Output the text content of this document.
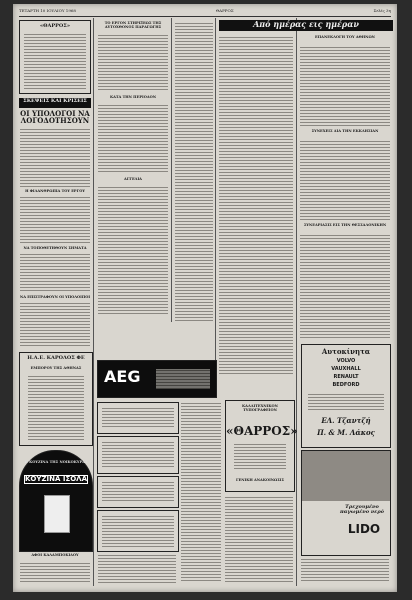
ΤΕΤΑΡΤΗ 10 ΙΟΥΛΙΟΥ 1968	ΘΑΡΡΟΣ	Σελίς 3η
«ΘΑΡΡΟΣ»
ΣΚΕΨΕΙΣ ΚΑΙ ΚΡΙΣΕΙΣ
ΟΙ ΥΠΟΛΟΓΟΙ ΝΑ ΛΟΓΟΔΟΤΗΣΟΥΝ
Η ΦΙΛΑΝΘΡΩΠΙΑ ΤΟΥ ΕΡΓΟΥ
ΝΑ ΤΟΠΟΘΕΤΗΘΟΥΝ ΣΗΜΑΤΑ
ΝΑ ΕΠΙΣΤΡΑΦΟΥΝ ΟΙ ΥΠΟΛΟΙΠΟΙ
Η.Α.Ε. ΚΑΡΟΛΟΣ ΦΕ
ΕΜΠΟΡΟΥ ΤΗΣ ΑΘΗΝΑΣ
Η ΚΟΥΖΙΝΑ ΤΗΣ ΝΟΙΚΟΚΥΡΑΣ
ΚΟΥΖΙΝΑ ΙΣΟΛΑ
ΑΦΟΙ ΚΑΛΑΜΠΟΚΙΔΟΥ
ΤΟ ΕΡΓΟΝ ΣΤΗΡΙΞΕΩΣ ΤΗΣ ΑΥΤΟΧΘΟΝΟΣ ΠΑΡΑΓΩΓΗΣ
ΚΑΤΑ ΤΗΝ ΠΕΡΙΟΔΟΝ
ΑΓΓΕΛΙΑ
AEG
ΚΑΛΛΙΤΕΧΝΙΚΟΝ ΤΥΠΟΓΡΑΦΕΙΟΝ
«ΘΑΡΡΟΣ»
ΓΕΝΙΚΗ ΑΝΑΚΟΙΝΩΣΙΣ
Από ημέρας εις ημέραν
ΕΠΑΝΕΚΛΟΓΗ ΤΟΥ ΑΘΗΝΩΝ
ΣΥΝΕΧΕΙΣ ΔΙΑ ΤΗΝ ΕΚΚΛΗΣΙΑΝ
ΣΥΝΕΔΡΙΑΣΙΣ ΕΙΣ ΤΗΝ ΘΕΣΣΑΛΟΝΙΚΗΝ
Αυτοκίνητα
VOLVO
VAUXHALL
RENAULT
BEDFORD
ΕΛ. Τζαντζή
Π. & Μ. Λάκος
Τρεχουμένο παγωμένο νερό
LIDO
